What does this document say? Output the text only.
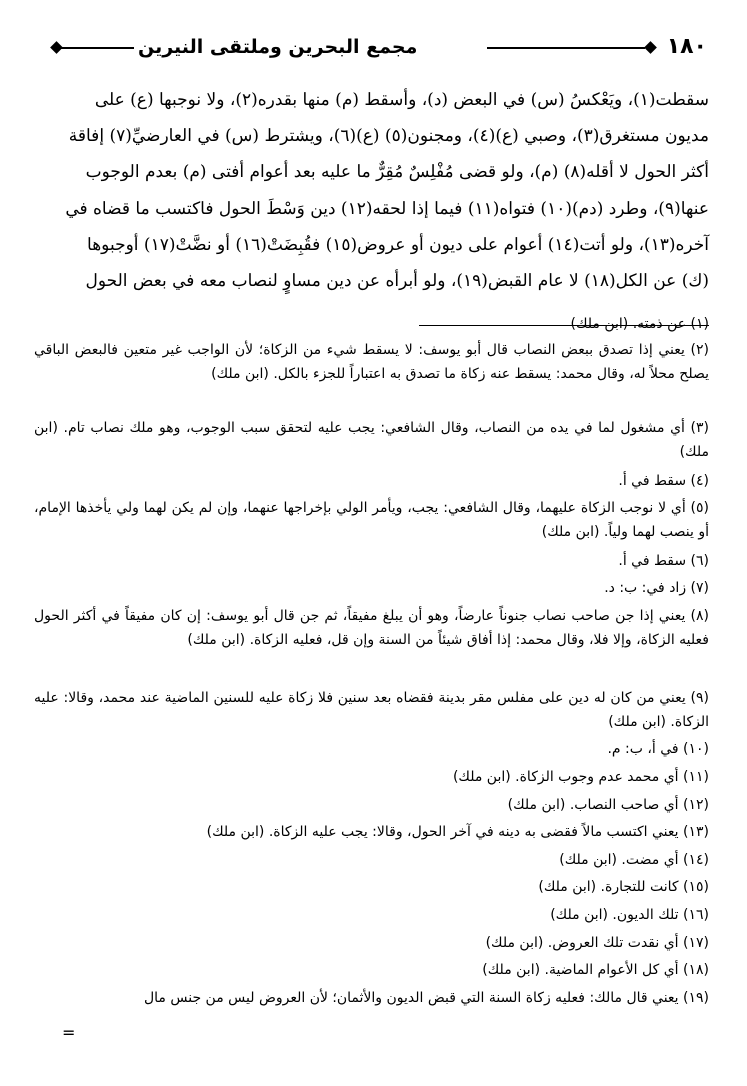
١٨٠
مجمع البحرين وملتقى النيرين

سقطت(١)، ويَعْكسُ (س) في البعض (د)، وأسقط (م) منها بقدره(٢)، ولا نوجبها (ع) على

مديون مستغرق(٣)، وصبي (ع)(٤)، ومجنون(٥) (ع)(٦)، ويشترط (س) في العارضيِّ(٧) إفاقة

أكثر الحول لا أقله(٨) (م)، ولو قضى مُفْلِسٌ مُقِرٌّ ما عليه بعد أعوام أفتى (م) بعدم الوجوب

عنها(٩)، وطرد (دم)(١٠) فتواه(١١) فيما إذا لحقه(١٢) دين وَسْطَ الحول فاكتسب ما قضاه في

آخره(١٣)، ولو أتت(١٤) أعوام على ديون أو عروض(١٥) فقُبِضَتْ(١٦) أو نضَّتْ(١٧) أوجبوها

(ك) عن الكل(١٨) لا عام القبض(١٩)، ولو أبرأه عن دين مساوٍ لنصاب معه في بعض الحول

(١) عن ذمته. (ابن ملك)
(٢) يعني إذا تصدق ببعض النصاب قال أبو يوسف: لا يسقط شيء من الزكاة؛ لأن الواجب غير متعين فالبعض الباقي يصلح محلاً له، وقال محمد: يسقط عنه زكاة ما تصدق به اعتباراً للجزء بالكل. (ابن ملك)
(٣) أي مشغول لما في يده من النصاب، وقال الشافعي: يجب عليه لتحقق سبب الوجوب، وهو ملك نصاب تام. (ابن ملك)
(٤) سقط في أ.
(٥) أي لا نوجب الزكاة عليهما، وقال الشافعي: يجب، ويأمر الولي بإخراجها عنهما، وإن لم يكن لهما ولي يأخذها الإمام، أو ينصب لهما ولياً. (ابن ملك)
(٦) سقط في أ.
(٧) زاد في: ب: د.
(٨) يعني إذا جن صاحب نصاب جنوناً عارضاً، وهو أن يبلغ مفيقاً، ثم جن قال أبو يوسف: إن كان مفيقاً في أكثر الحول فعليه الزكاة، وإلا فلا، وقال محمد: إذا أفاق شيئاً من السنة وإن قل، فعليه الزكاة. (ابن ملك)
(٩) يعني من كان له دين على مفلس مقر بدينة فقضاه بعد سنين فلا زكاة عليه للسنين الماضية عند محمد، وقالا: عليه الزكاة. (ابن ملك)
(١٠) في أ، ب: م.
(١١) أي محمد عدم وجوب الزكاة. (ابن ملك)
(١٢) أي صاحب النصاب. (ابن ملك)
(١٣) يعني اكتسب مالاً فقضى به دينه في آخر الحول، وقالا: يجب عليه الزكاة. (ابن ملك)
(١٤) أي مضت. (ابن ملك)
(١٥) كانت للتجارة. (ابن ملك)
(١٦) تلك الديون. (ابن ملك)
(١٧) أي نقدت تلك العروض. (ابن ملك)
(١٨) أي كل الأعوام الماضية. (ابن ملك)
(١٩) يعني قال مالك: فعليه زكاة السنة التي قبض الديون والأثمان؛ لأن العروض ليس من جنس مال
=
